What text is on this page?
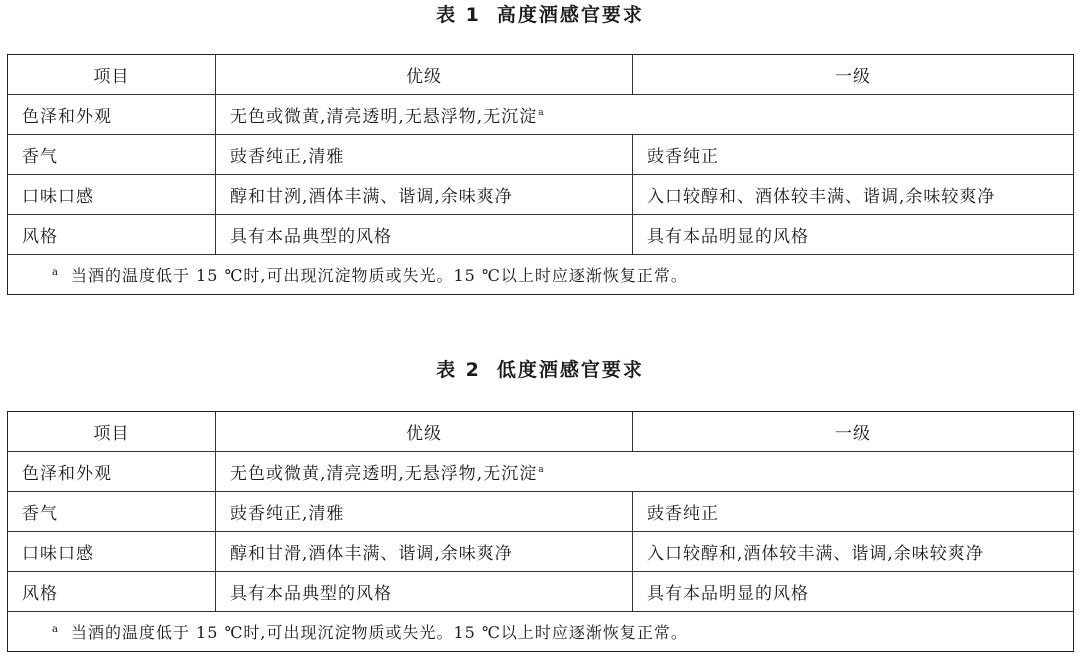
表 1 高度酒感官要求
项目	优级	一级
色泽和外观	无色或微黄,清亮透明,无悬浮物,无沉淀$^a$
香气	豉香纯正,清雅	豉香纯正
口味口感	醇和甘洌,酒体丰满、谐调,余味爽净	入口较醇和、酒体较丰满、谐调,余味较爽净
风格	具有本品典型的风格	具有本品明显的风格
$^a$ 当酒的温度低于 15 ℃时,可出现沉淀物质或失光。15 ℃以上时应逐渐恢复正常。		
表 2 低度酒感官要求
项目	优级	一级
色泽和外观	无色或微黄,清亮透明,无悬浮物,无沉淀$^a$
香气	豉香纯正,清雅	豉香纯正
口味口感	醇和甘滑,酒体丰满、谐调,余味爽净	入口较醇和,酒体较丰满、谐调,余味较爽净
风格	具有本品典型的风格	具有本品明显的风格
$^a$ 当酒的温度低于 15 ℃时,可出现沉淀物质或失光。15 ℃以上时应逐渐恢复正常。		
